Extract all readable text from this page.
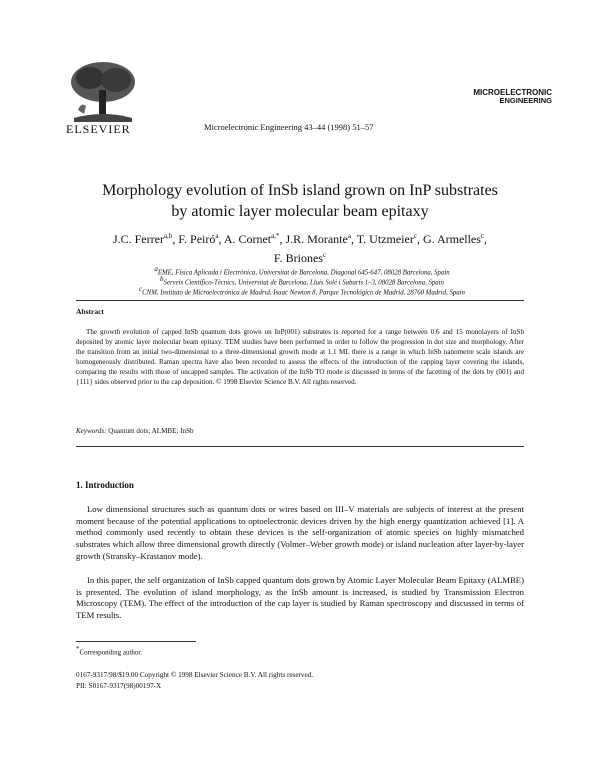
ELSEVIER	Microelectronic Engineering 43–44 (1998) 51–57
MICROELECTRONIC
ENGINEERING
Morphology evolution of InSb island grown on InP substrates
by atomic layer molecular beam epitaxy
J.C. Ferrer$^{a,b}$, F. Peiró$^a$, A. Cornet$^{a,*}$, J.R. Morante$^a$, T. Utzmeier$^c$, G. Armelles$^c$,
F. Briones$^c$
$^a$EME, Física Aplicada i Electrònica, Universitat de Barcelona, Diagonal 645-647, 08028 Barcelona, Spain
$^b$Serveis Científico-Tècnics, Universitat de Barcelona, Lluís Solé i Sabarís 1–3, 08028 Barcelona, Spain
$^c$CNM, Instituto de Microelectrónica de Madrid, Isaac Newton 8, Parque Tecnológico de Madrid, 28760 Madrid, Spain
Abstract
The growth evolution of capped InSb quantum dots grown on InP(001) substrates is reported for a range between 0.6 and 15 monolayers of InSb deposited by atomic layer molecular beam epitaxy. TEM studies have been performed in order to follow the progression in dot size and morphology. After the transition from an initial two-dimensional to a three-dimensional growth mode at 1.1 ML there is a range in which InSb nanometre scale islands are homogeneously distributed. Raman spectra have also been recorded to assess the effects of the introduction of the capping layer covering the islands, comparing the results with those of uncapped samples. The activation of the InSb TO mode is discussed in terms of the facetting of the dots by (001) and {111} sides observed prior to the cap deposition. © 1998 Elsevier Science B.V. All rights reserved.
Keywords: Quantum dots; ALMBE; InSb
1. Introduction
Low dimensional structures such as quantum dots or wires based on III–V materials are subjects of interest at the present moment because of the potential applications to optoelectronic devices driven by the high energy quantization achieved [1]. A method commonly used recently to obtain these devices is the self-organization of atomic species on highly mismatched substrates which allow three dimensional growth directly (Volmer–Weber growth mode) or island nucleation after layer-by-layer growth (Stransky–Krastanov mode).
In this paper, the self organization of InSb capped quantum dots grown by Atomic Layer Molecular Beam Epitaxy (ALMBE) is presented. The evolution of island morphology, as the InSb amount is increased, is studied by Transmission Electron Microscopy (TEM). The effect of the introduction of the cap layer is studied by Raman spectroscopy and discussed in terms of TEM results.
*Corresponding author.
0167-9317/98/$19.00 Copyright © 1998 Elsevier Science B.V. All rights reserved.
PII: S0167-9317(98)00197-X
